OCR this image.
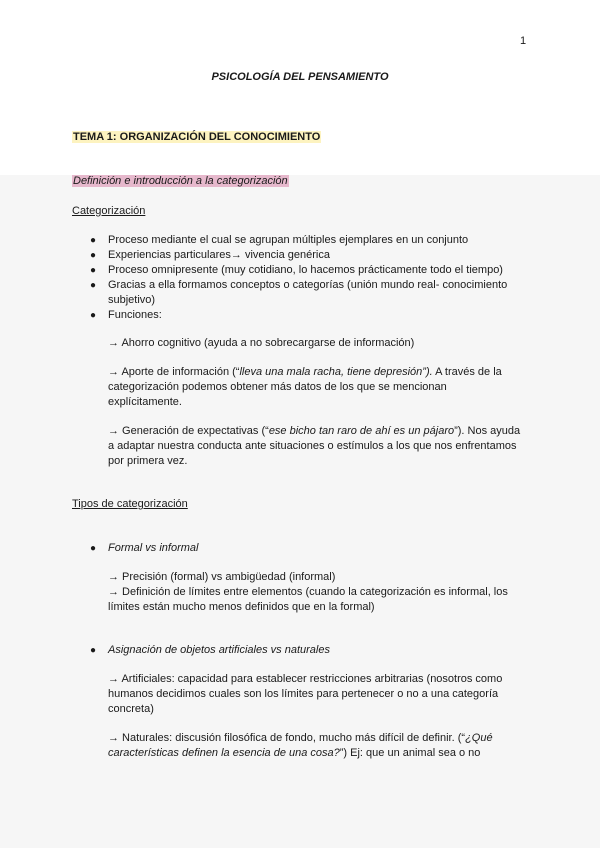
1
PSICOLOGÍA DEL PENSAMIENTO
TEMA 1: ORGANIZACIÓN DEL CONOCIMIENTO
Definición e introducción a la categorización
Categorización
● Proceso mediante el cual se agrupan múltiples ejemplares en un conjunto
● Experiencias particulares→ vivencia genérica
● Proceso omnipresente (muy cotidiano, lo hacemos prácticamente todo el tiempo)
● Gracias a ella formamos conceptos o categorías (unión mundo real- conocimiento
subjetivo)
● Funciones:
→ Ahorro cognitivo (ayuda a no sobrecargarse de información)
→ Aporte de información (“lleva una mala racha, tiene depresión”). A través de la
categorización podemos obtener más datos de los que se mencionan
explícitamente.
→ Generación de expectativas (“ese bicho tan raro de ahí es un pájaro”). Nos ayuda
a adaptar nuestra conducta ante situaciones o estímulos a los que nos enfrentamos
por primera vez.
Tipos de categorización
● Formal vs informal
→ Precisión (formal) vs ambigüedad (informal)
→ Definición de límites entre elementos (cuando la categorización es informal, los
límites están mucho menos definidos que en la formal)
● Asignación de objetos artificiales vs naturales
→ Artificiales: capacidad para establecer restricciones arbitrarias (nosotros como
humanos decidimos cuales son los límites para pertenecer o no a una categoría
concreta)
→ Naturales: discusión filosófica de fondo, mucho más difícil de definir. (“¿Qué
características definen la esencia de una cosa?”) Ej: que un animal sea o no
